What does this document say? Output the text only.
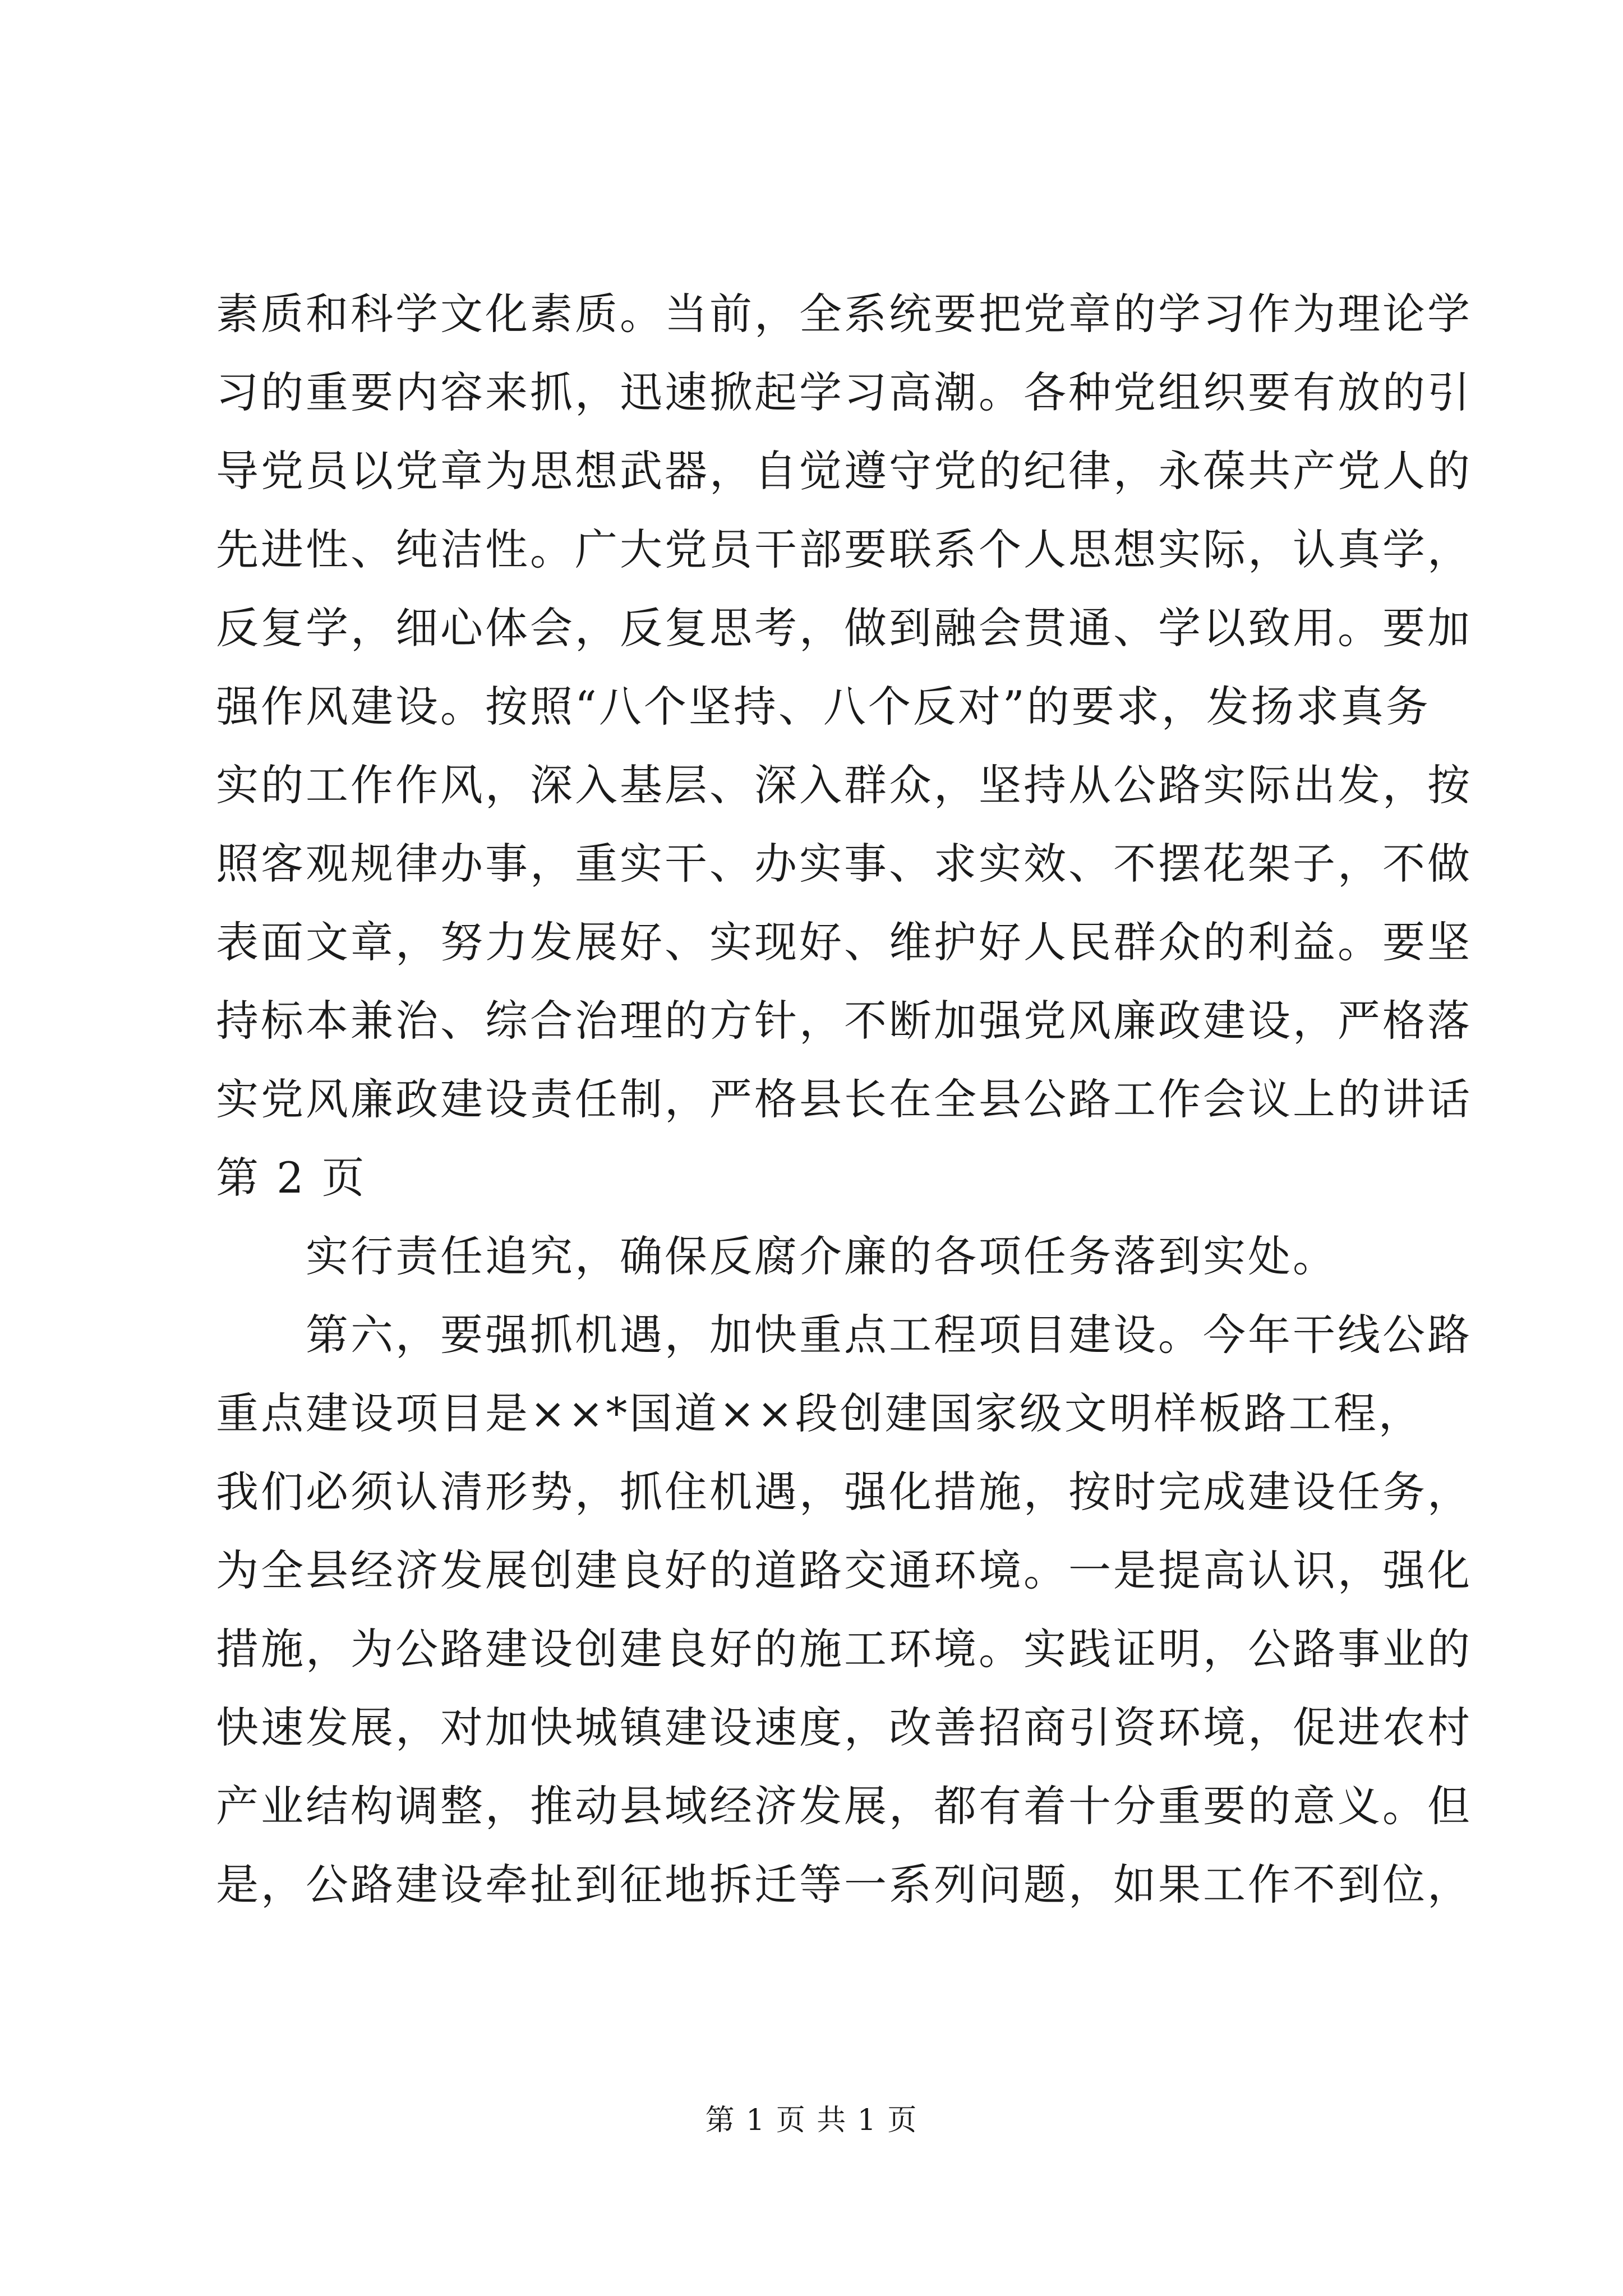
素质和科学文化素质。当前，全系统要把党章的学习作为理论学
习的重要内容来抓，迅速掀起学习高潮。各种党组织要有放的引
导党员以党章为思想武器，自觉遵守党的纪律，永葆共产党人的
先进性、纯洁性。广大党员干部要联系个人思想实际，认真学，
反复学，细心体会，反复思考，做到融会贯通、学以致用。要加
强作风建设。按照“八个坚持、八个反对”的要求，发扬求真务
实的工作作风，深入基层、深入群众，坚持从公路实际出发，按
照客观规律办事，重实干、办实事、求实效、不摆花架子，不做
表面文章，努力发展好、实现好、维护好人民群众的利益。要坚
持标本兼治、综合治理的方针，不断加强党风廉政建设，严格落
实党风廉政建设责任制，严格县长在全县公路工作会议上的讲话
第 2 页
实行责任追究，确保反腐介廉的各项任务落到实处。
第六，要强抓机遇，加快重点工程项目建设。今年干线公路
重点建设项目是××*国道××段创建国家级文明样板路工程，
我们必须认清形势，抓住机遇，强化措施，按时完成建设任务，
为全县经济发展创建良好的道路交通环境。一是提高认识，强化
措施，为公路建设创建良好的施工环境。实践证明，公路事业的
快速发展，对加快城镇建设速度，改善招商引资环境，促进农村
产业结构调整，推动县域经济发展，都有着十分重要的意义。但
是，公路建设牵扯到征地拆迁等一系列问题，如果工作不到位，
第 1 页 共 1 页
